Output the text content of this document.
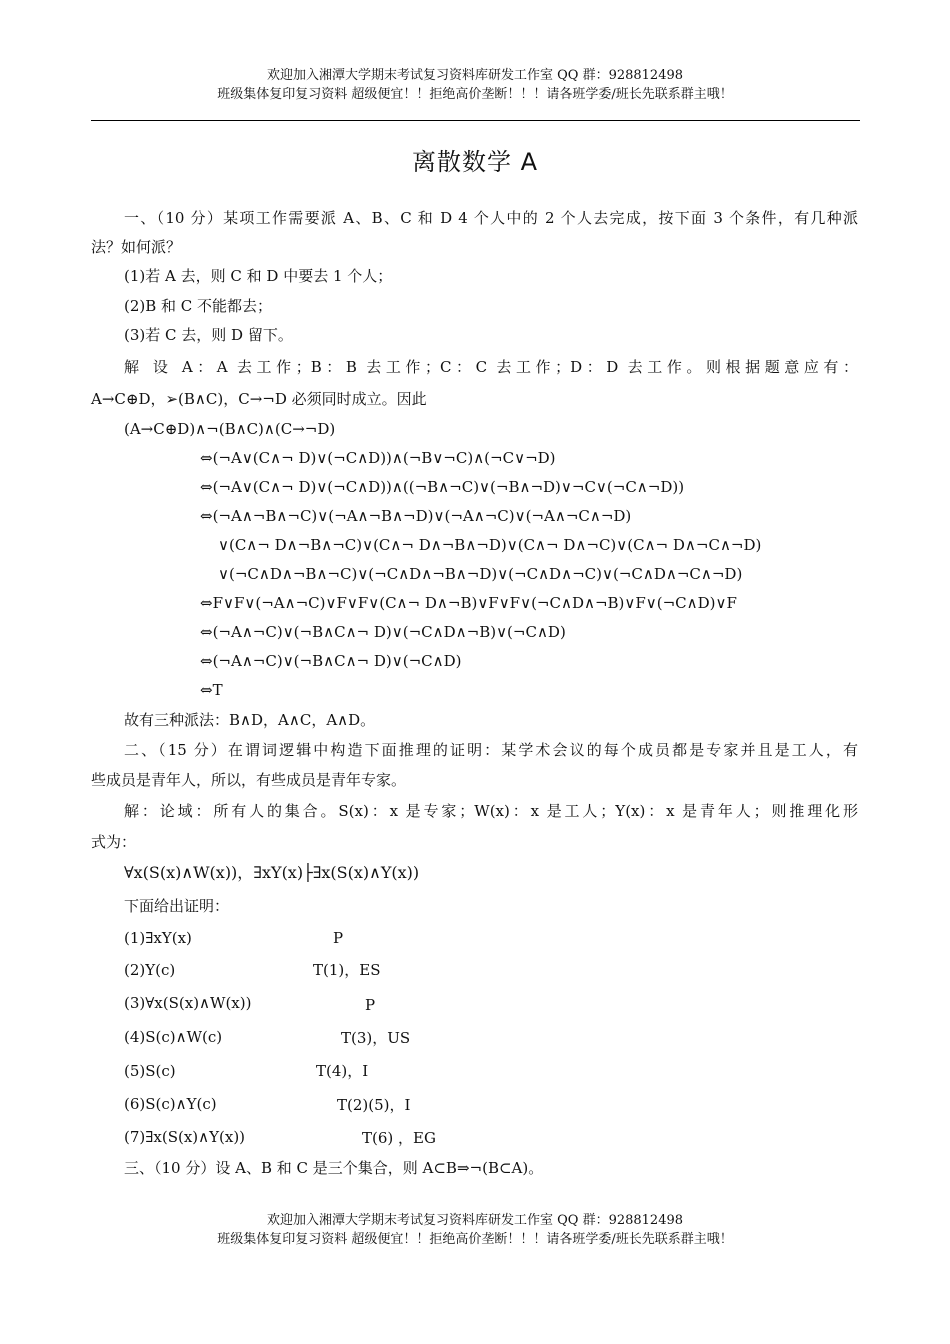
欢迎加入湘潭大学期末考试复习资料库研发工作室 QQ 群：928812498
班级集体复印复习资料 超级便宜！！拒绝高价垄断！！！请各班学委/班长先联系群主哦！
离散数学 A
一、（10 分）某项工作需要派 A、B、C 和 D 4 个人中的 2 个人去完成，按下面 3 个条件，有几种派
法？如何派？
(1)若 A 去，则 C 和 D 中要去 1 个人；
(2)B 和 C 不能都去；
(3)若 C 去，则 D 留下。
解 设 A：A 去工作；B：B 去工作；C：C 去工作；D：D 去工作。则根据题意应有：
A→C⊕D，➢(B∧C)，C→¬D 必须同时成立。因此
(A→C⊕D)∧¬(B∧C)∧(C→¬D)
⇔(¬A∨(C∧¬ D)∨(¬C∧D))∧(¬B∨¬C)∧(¬C∨¬D)
⇔(¬A∨(C∧¬ D)∨(¬C∧D))∧((¬B∧¬C)∨(¬B∧¬D)∨¬C∨(¬C∧¬D))
⇔(¬A∧¬B∧¬C)∨(¬A∧¬B∧¬D)∨(¬A∧¬C)∨(¬A∧¬C∧¬D)
∨(C∧¬ D∧¬B∧¬C)∨(C∧¬ D∧¬B∧¬D)∨(C∧¬ D∧¬C)∨(C∧¬ D∧¬C∧¬D)
∨(¬C∧D∧¬B∧¬C)∨(¬C∧D∧¬B∧¬D)∨(¬C∧D∧¬C)∨(¬C∧D∧¬C∧¬D)
⇔F∨F∨(¬A∧¬C)∨F∨F∨(C∧¬ D∧¬B)∨F∨F∨(¬C∧D∧¬B)∨F∨(¬C∧D)∨F
⇔(¬A∧¬C)∨(¬B∧C∧¬ D)∨(¬C∧D∧¬B)∨(¬C∧D)
⇔(¬A∧¬C)∨(¬B∧C∧¬ D)∨(¬C∧D)
⇔T
故有三种派法：B∧D，A∧C，A∧D。
二、（15 分）在谓词逻辑中构造下面推理的证明：某学术会议的每个成员都是专家并且是工人，有
些成员是青年人，所以，有些成员是青年专家。
解：论域：所有人的集合。S(x)：x 是专家；W(x)：x 是工人；Y(x)：x 是青年人；则推理化形
式为：
∀x(S(x)∧W(x))，∃xY(x)├∃x(S(x)∧Y(x))
下面给出证明：
(1)∃xY(x)	P
(2)Y(c)	T(1)，ES
(3)∀x(S(x)∧W(x))	P
(4)S(c)∧W(c)	T(3)，US
(5)S(c)	T(4)，I
(6)S(c)∧Y(c)	T(2)(5)，I
(7)∃x(S(x)∧Y(x))	T(6) ，EG
三、（10 分）设 A、B 和 C 是三个集合，则 A⊂B⇒¬(B⊂A)。
欢迎加入湘潭大学期末考试复习资料库研发工作室 QQ 群：928812498
班级集体复印复习资料 超级便宜！！拒绝高价垄断！！！请各班学委/班长先联系群主哦！
